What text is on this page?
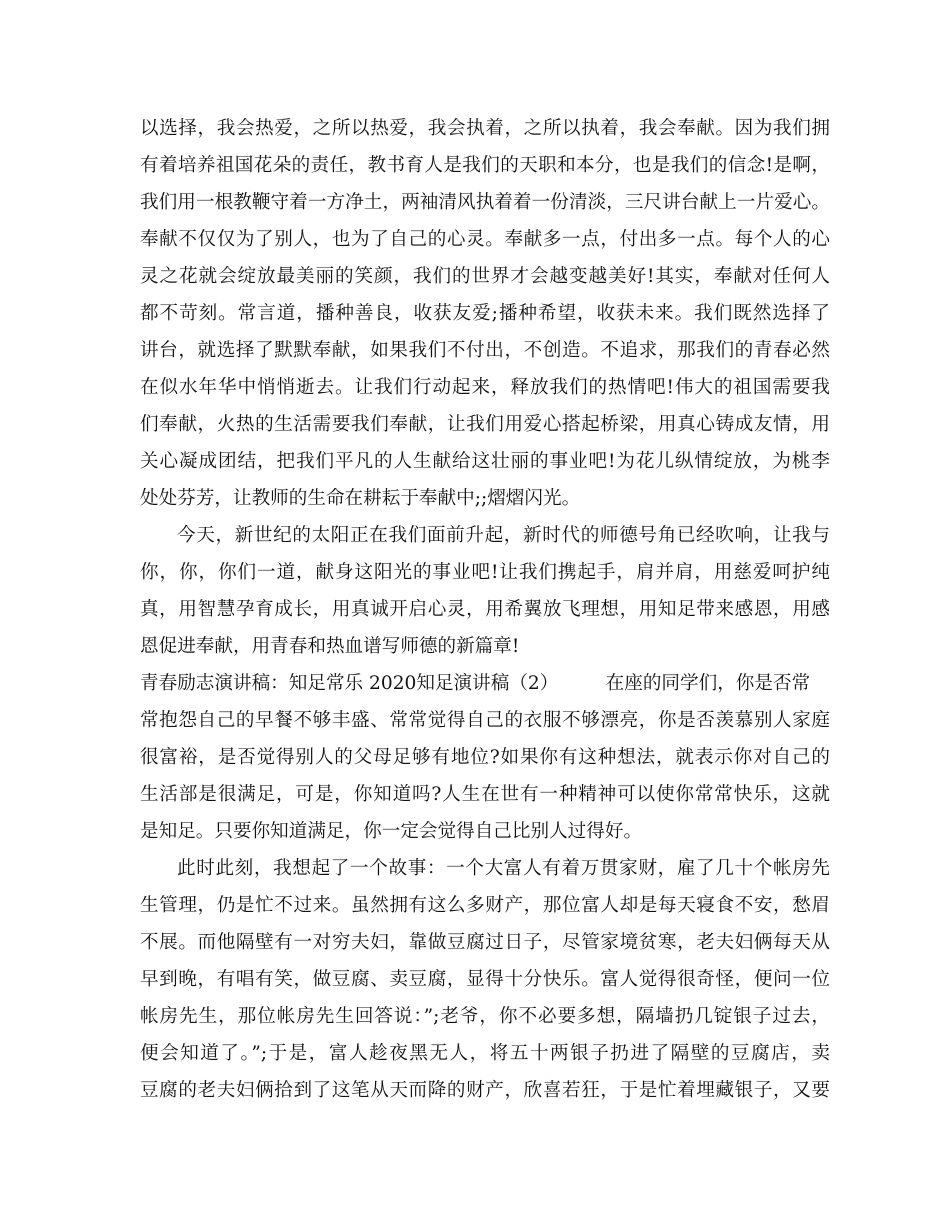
以选择，我会热爱，之所以热爱，我会执着，之所以执着，我会奉献。因为我们拥
有着培养祖国花朵的责任，教书育人是我们的天职和本分，也是我们的信念!是啊，
我们用一根教鞭守着一方净土，两袖清风执着着一份清淡，三尺讲台献上一片爱心。
奉献不仅仅为了别人，也为了自己的心灵。奉献多一点，付出多一点。每个人的心
灵之花就会绽放最美丽的笑颜，我们的世界才会越变越美好!其实，奉献对任何人
都不苛刻。常言道，播种善良，收获友爱;播种希望，收获未来。我们既然选择了
讲台，就选择了默默奉献，如果我们不付出，不创造。不追求，那我们的青春必然
在似水年华中悄悄逝去。让我们行动起来，释放我们的热情吧!伟大的祖国需要我
们奉献，火热的生活需要我们奉献，让我们用爱心搭起桥梁，用真心铸成友情，用
关心凝成团结，把我们平凡的人生献给这壮丽的事业吧!为花儿纵情绽放，为桃李
处处芬芳，让教师的生命在耕耘于奉献中;;熠熠闪光。
今天，新世纪的太阳正在我们面前升起，新时代的师德号角已经吹响，让我与
你，你，你们一道，献身这阳光的事业吧!让我们携起手，肩并肩，用慈爱呵护纯
真，用智慧孕育成长，用真诚开启心灵，用希翼放飞理想，用知足带来感恩，用感
恩促进奉献，用青春和热血谱写师德的新篇章!
青春励志演讲稿：知足常乐 2020知足演讲稿（2）        在座的同学们，你是否常
常抱怨自己的早餐不够丰盛、常常觉得自己的衣服不够漂亮，你是否羡慕别人家庭
很富裕，是否觉得别人的父母足够有地位?如果你有这种想法，就表示你对自己的
生活部是很满足，可是，你知道吗?人生在世有一种精神可以使你常常快乐，这就
是知足。只要你知道满足，你一定会觉得自己比别人过得好。
此时此刻，我想起了一个故事：一个大富人有着万贯家财，雇了几十个帐房先
生管理，仍是忙不过来。虽然拥有这么多财产，那位富人却是每天寝食不安，愁眉
不展。而他隔壁有一对穷夫妇，靠做豆腐过日子，尽管家境贫寒，老夫妇俩每天从
早到晚，有唱有笑，做豆腐、卖豆腐，显得十分快乐。富人觉得很奇怪，便问一位
帐房先生，那位帐房先生回答说：”;老爷，你不必要多想，隔墙扔几锭银子过去，
便会知道了。”;于是，富人趁夜黑无人，将五十两银子扔进了隔壁的豆腐店，卖
豆腐的老夫妇俩拾到了这笔从天而降的财产，欣喜若狂，于是忙着埋藏银子，又要
